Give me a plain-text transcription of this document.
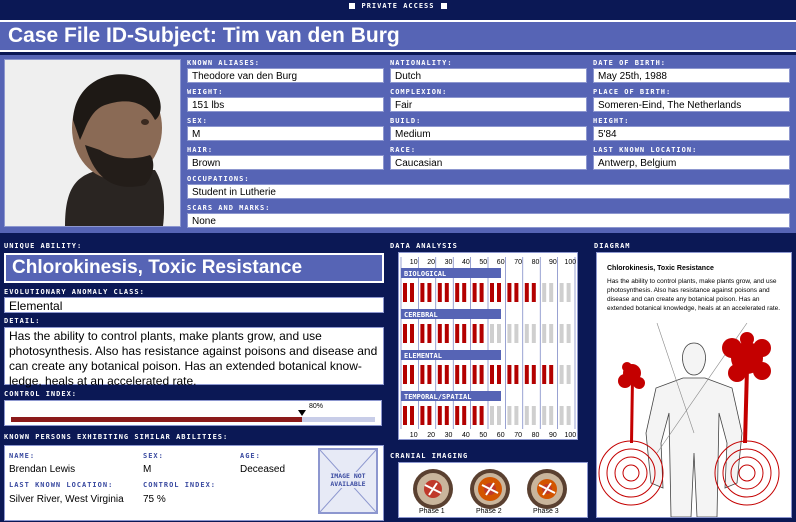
PRIVATE ACCESS
Case File ID-Subject: Tim van den Burg
KNOWN ALIASES:
Theodore van den Burg
NATIONALITY:
Dutch
DATE OF BIRTH:
May 25th, 1988
WEIGHT:
151 lbs
COMPLEXION:
Fair
PLACE OF BIRTH:
Someren-Eind, The Netherlands
SEX:
M
BUILD:
Medium
HEIGHT:
5'84
HAIR:
Brown
RACE:
Caucasian
LAST KNOWN LOCATION:
Antwerp, Belgium
OCCUPATIONS:
Student in Lutherie
SCARS AND MARKS:
None
UNIQUE ABILITY:
Chlorokinesis, Toxic Resistance
EVOLUTIONARY ANOMALY CLASS:
Elemental
DETAIL:
Has the ability to control plants, make plants grow, and use photosynthesis. Also has resistance against poisons and disease and can create any botanical poison. Has an extended botanical know-ledge, heals at an accelerated rate.
CONTROL INDEX:
80%
KNOWN PERSONS EXHIBITING SIMILAR ABILITIES:
NAME:
Brendan Lewis
SEX:
M
AGE:
Deceased
LAST KNOWN LOCATION:
Silver River, West Virginia
CONTROL INDEX:
75 %
IMAGE NOT AVAILABLE
DATA ANALYSIS
10
10
20
20
30
30
40
40
50
50
60
60
70
70
80
80
90
90
100
100
BIOLOGICAL
CEREBRAL
ELEMENTAL
TEMPORAL/SPATIAL
CRANIAL IMAGING
Phase 1	Phase 2	Phase 3
DIAGRAM
Chlorokinesis, Toxic Resistance
Has the ability to control plants, make plants grow, and use photosynthesis. Also has resistance against poisons and disease and can create any botanical poison. Has an extended botanical knowledge, heals at an accelerated rate.
